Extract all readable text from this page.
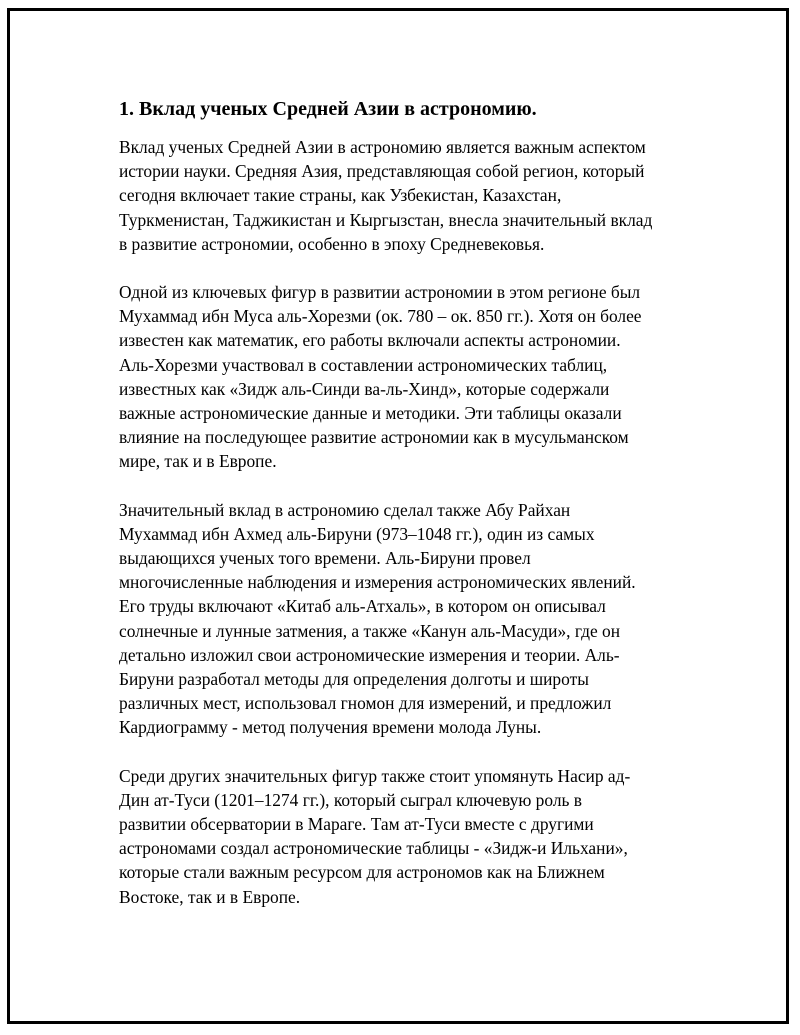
1. Вклад ученых Средней Азии в астрономию.
Вклад ученых Средней Азии в астрономию является важным аспектом
истории науки. Средняя Азия, представляющая собой регион, который
сегодня включает такие страны, как Узбекистан, Казахстан,
Туркменистан, Таджикистан и Кыргызстан, внесла значительный вклад
в развитие астрономии, особенно в эпоху Средневековья.
Одной из ключевых фигур в развитии астрономии в этом регионе был
Мухаммад ибн Муса аль-Хорезми (ок. 780 – ок. 850 гг.). Хотя он более
известен как математик, его работы включали аспекты астрономии.
Аль-Хорезми участвовал в составлении астрономических таблиц,
известных как «Зидж аль-Синди ва-ль-Хинд», которые содержали
важные астрономические данные и методики. Эти таблицы оказали
влияние на последующее развитие астрономии как в мусульманском
мире, так и в Европе.
Значительный вклад в астрономию сделал также Абу Райхан
Мухаммад ибн Ахмед аль-Бируни (973–1048 гг.), один из самых
выдающихся ученых того времени. Аль-Бируни провел
многочисленные наблюдения и измерения астрономических явлений.
Его труды включают «Китаб аль-Атхаль», в котором он описывал
солнечные и лунные затмения, а также «Канун аль-Масуди», где он
детально изложил свои астрономические измерения и теории. Аль-
Бируни разработал методы для определения долготы и широты
различных мест, использовал гномон для измерений, и предложил
Кардиограмму - метод получения времени молода Луны.
Среди других значительных фигур также стоит упомянуть Насир ад-
Дин ат-Туси (1201–1274 гг.), который сыграл ключевую роль в
развитии обсерватории в Мараге. Там ат-Туси вместе с другими
астрономами создал астрономические таблицы - «Зидж-и Ильхани»,
которые стали важным ресурсом для астрономов как на Ближнем
Востоке, так и в Европе.
